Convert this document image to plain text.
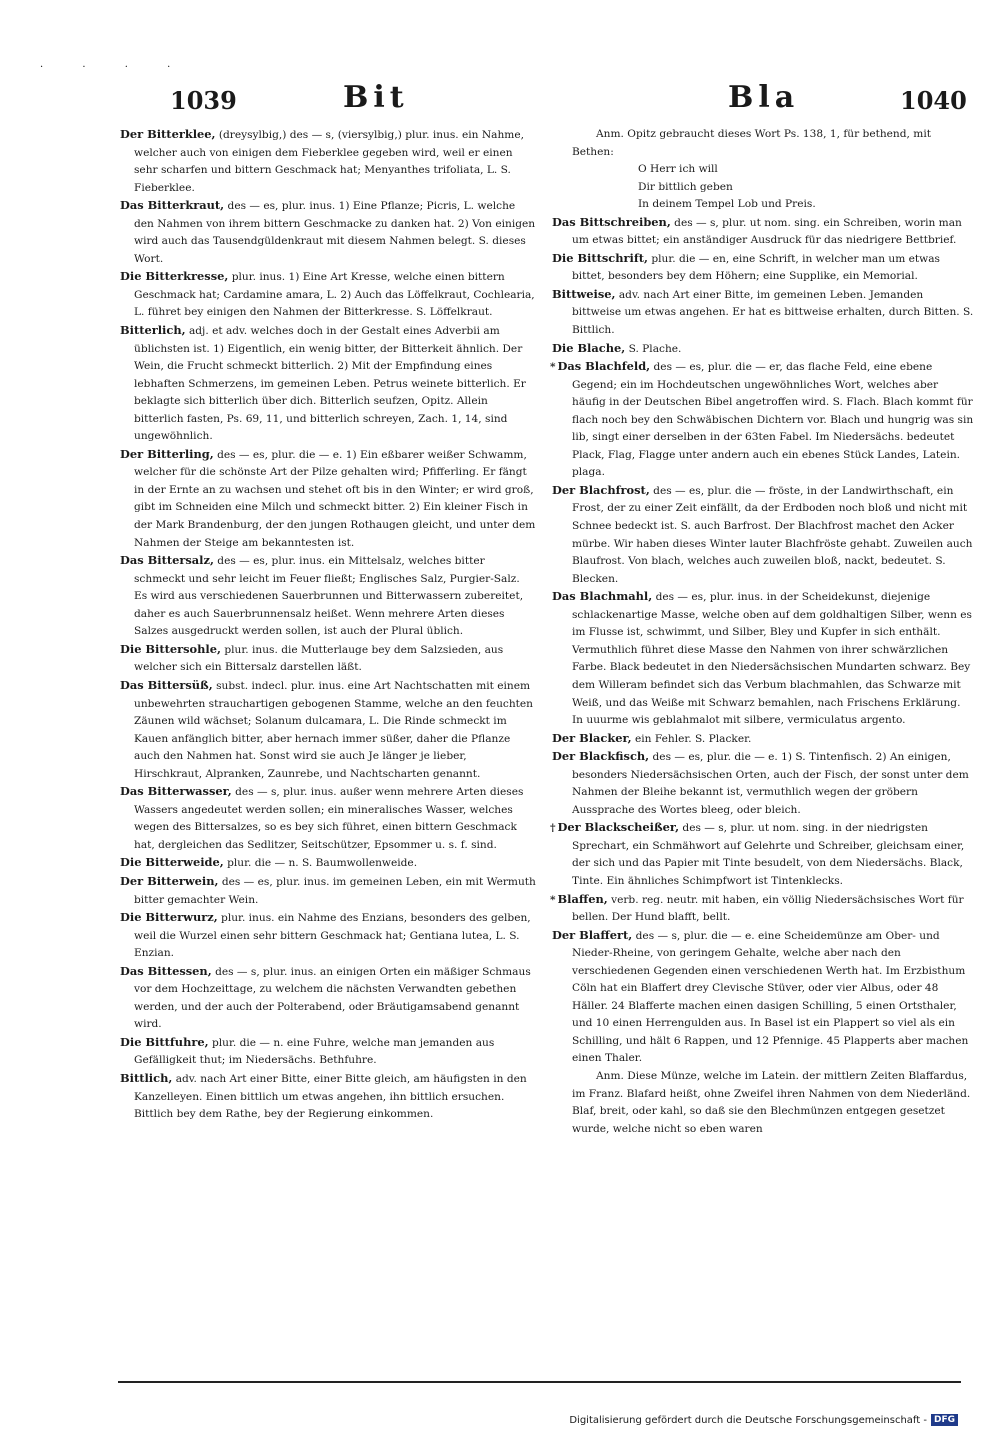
· · · ·
1039	Bit	Bla	1040
Der Bitterklee, (dreysylbig,) des — s, (viersylbig,) plur. inus. ein Nahme, welcher auch von einigen dem Fieberklee gegeben wird, weil er einen sehr scharfen und bittern Geschmack hat; Menyanthes trifoliata, L. S. Fieberklee.
Das Bitterkraut, des — es, plur. inus. 1) Eine Pflanze; Picris, L. welche den Nahmen von ihrem bittern Geschmacke zu danken hat. 2) Von einigen wird auch das Tausendgüldenkraut mit diesem Nahmen belegt. S. dieses Wort.
Die Bitterkresse, plur. inus. 1) Eine Art Kresse, welche einen bittern Geschmack hat; Cardamine amara, L. 2) Auch das Löffelkraut, Cochlearia, L. führet bey einigen den Nahmen der Bitterkresse. S. Löffelkraut.
Bitterlich, adj. et adv. welches doch in der Gestalt eines Adverbii am üblichsten ist. 1) Eigentlich, ein wenig bitter, der Bitterkeit ähnlich. Der Wein, die Frucht schmeckt bitterlich. 2) Mit der Empfindung eines lebhaften Schmerzens, im gemeinen Leben. Petrus weinete bitterlich. Er beklagte sich bitterlich über dich. Bitterlich seufzen, Opitz. Allein bitterlich fasten, Ps. 69, 11, und bitterlich schreyen, Zach. 1, 14, sind ungewöhnlich.
Der Bitterling, des — es, plur. die — e. 1) Ein eßbarer weißer Schwamm, welcher für die schönste Art der Pilze gehalten wird; Pfifferling. Er fängt in der Ernte an zu wachsen und stehet oft bis in den Winter; er wird groß, gibt im Schneiden eine Milch und schmeckt bitter. 2) Ein kleiner Fisch in der Mark Brandenburg, der den jungen Rothaugen gleicht, und unter dem Nahmen der Steige am bekanntesten ist.
Das Bittersalz, des — es, plur. inus. ein Mittelsalz, welches bitter schmeckt und sehr leicht im Feuer fließt; Englisches Salz, Purgier-Salz. Es wird aus verschiedenen Sauerbrunnen und Bitterwassern zubereitet, daher es auch Sauerbrunnensalz heißet. Wenn mehrere Arten dieses Salzes ausgedruckt werden sollen, ist auch der Plural üblich.
Die Bittersohle, plur. inus. die Mutterlauge bey dem Salzsieden, aus welcher sich ein Bittersalz darstellen läßt.
Das Bittersüß, subst. indecl. plur. inus. eine Art Nachtschatten mit einem unbewehrten strauchartigen gebogenen Stamme, welche an den feuchten Zäunen wild wächset; Solanum dulcamara, L. Die Rinde schmeckt im Kauen anfänglich bitter, aber hernach immer süßer, daher die Pflanze auch den Nahmen hat. Sonst wird sie auch Je länger je lieber, Hirschkraut, Alpranken, Zaunrebe, und Nachtscharten genannt.
Das Bitterwasser, des — s, plur. inus. außer wenn mehrere Arten dieses Wassers angedeutet werden sollen; ein mineralisches Wasser, welches wegen des Bittersalzes, so es bey sich führet, einen bittern Geschmack hat, dergleichen das Sedlitzer, Seitschützer, Epsommer u. s. f. sind.
Die Bitterweide, plur. die — n. S. Baumwollenweide.
Der Bitterwein, des — es, plur. inus. im gemeinen Leben, ein mit Wermuth bitter gemachter Wein.
Die Bitterwurz, plur. inus. ein Nahme des Enzians, besonders des gelben, weil die Wurzel einen sehr bittern Geschmack hat; Gentiana lutea, L. S. Enzian.
Das Bittessen, des — s, plur. inus. an einigen Orten ein mäßiger Schmaus vor dem Hochzeittage, zu welchem die nächsten Verwandten gebethen werden, und der auch der Polterabend, oder Bräutigamsabend genannt wird.
Die Bittfuhre, plur. die — n. eine Fuhre, welche man jemanden aus Gefälligkeit thut; im Niedersächs. Bethfuhre.
Bittlich, adv. nach Art einer Bitte, einer Bitte gleich, am häufigsten in den Kanzelleyen. Einen bittlich um etwas angehen, ihn bittlich ersuchen. Bittlich bey dem Rathe, bey der Regierung einkommen.
Anm. Opitz gebraucht dieses Wort Ps. 138, 1, für bethend, mit Bethen:
O Herr ich will
Dir bittlich geben
In deinem Tempel Lob und Preis.
Das Bittschreiben, des — s, plur. ut nom. sing. ein Schreiben, worin man um etwas bittet; ein anständiger Ausdruck für das niedrigere Bettbrief.
Die Bittschrift, plur. die — en, eine Schrift, in welcher man um etwas bittet, besonders bey dem Höhern; eine Supplike, ein Memorial.
Bittweise, adv. nach Art einer Bitte, im gemeinen Leben. Jemanden bittweise um etwas angehen. Er hat es bittweise erhalten, durch Bitten. S. Bittlich.
Die Blache, S. Plache.
* Das Blachfeld, des — es, plur. die — er, das flache Feld, eine ebene Gegend; ein im Hochdeutschen ungewöhnliches Wort, welches aber häufig in der Deutschen Bibel angetroffen wird. S. Flach. Blach kommt für flach noch bey den Schwäbischen Dichtern vor. Blach und hungrig was sin lib, singt einer derselben in der 63ten Fabel. Im Niedersächs. bedeutet Plack, Flag, Flagge unter andern auch ein ebenes Stück Landes, Latein. plaga.
Der Blachfrost, des — es, plur. die — fröste, in der Landwirthschaft, ein Frost, der zu einer Zeit einfällt, da der Erdboden noch bloß und nicht mit Schnee bedeckt ist. S. auch Barfrost. Der Blachfrost machet den Acker mürbe. Wir haben dieses Winter lauter Blachfröste gehabt. Zuweilen auch Blaufrost. Von blach, welches auch zuweilen bloß, nackt, bedeutet. S. Blecken.
Das Blachmahl, des — es, plur. inus. in der Scheidekunst, diejenige schlackenartige Masse, welche oben auf dem goldhaltigen Silber, wenn es im Flusse ist, schwimmt, und Silber, Bley und Kupfer in sich enthält. Vermuthlich führet diese Masse den Nahmen von ihrer schwärzlichen Farbe. Black bedeutet in den Niedersächsischen Mundarten schwarz. Bey dem Willeram befindet sich das Verbum blachmahlen, das Schwarze mit Weiß, und das Weiße mit Schwarz bemahlen, nach Frischens Erklärung. In uuurme wis geblahmalot mit silbere, vermiculatus argento.
Der Blacker, ein Fehler. S. Placker.
Der Blackfisch, des — es, plur. die — e. 1) S. Tintenfisch. 2) An einigen, besonders Niedersächsischen Orten, auch der Fisch, der sonst unter dem Nahmen der Bleihe bekannt ist, vermuthlich wegen der gröbern Aussprache des Wortes bleeg, oder bleich.
† Der Blackscheißer, des — s, plur. ut nom. sing. in der niedrigsten Sprechart, ein Schmähwort auf Gelehrte und Schreiber, gleichsam einer, der sich und das Papier mit Tinte besudelt, von dem Niedersächs. Black, Tinte. Ein ähnliches Schimpfwort ist Tintenklecks.
* Blaffen, verb. reg. neutr. mit haben, ein völlig Niedersächsisches Wort für bellen. Der Hund blafft, bellt.
Der Blaffert, des — s, plur. die — e. eine Scheidemünze am Ober- und Nieder-Rheine, von geringem Gehalte, welche aber nach den verschiedenen Gegenden einen verschiedenen Werth hat. Im Erzbisthum Cöln hat ein Blaffert drey Clevische Stüver, oder vier Albus, oder 48 Häller. 24 Blafferte machen einen dasigen Schilling, 5 einen Ortsthaler, und 10 einen Herrengulden aus. In Basel ist ein Plappert so viel als ein Schilling, und hält 6 Rappen, und 12 Pfennige. 45 Plapperts aber machen einen Thaler.
Anm. Diese Münze, welche im Latein. der mittlern Zeiten Blaffardus, im Franz. Blafard heißt, ohne Zweifel ihren Nahmen von dem Niederländ. Blaf, breit, oder kahl, so daß sie den Blechmünzen entgegen gesetzet wurde, welche nicht so eben waren
Digitalisierung gefördert durch die Deutsche Forschungsgemeinschaft - DFG
